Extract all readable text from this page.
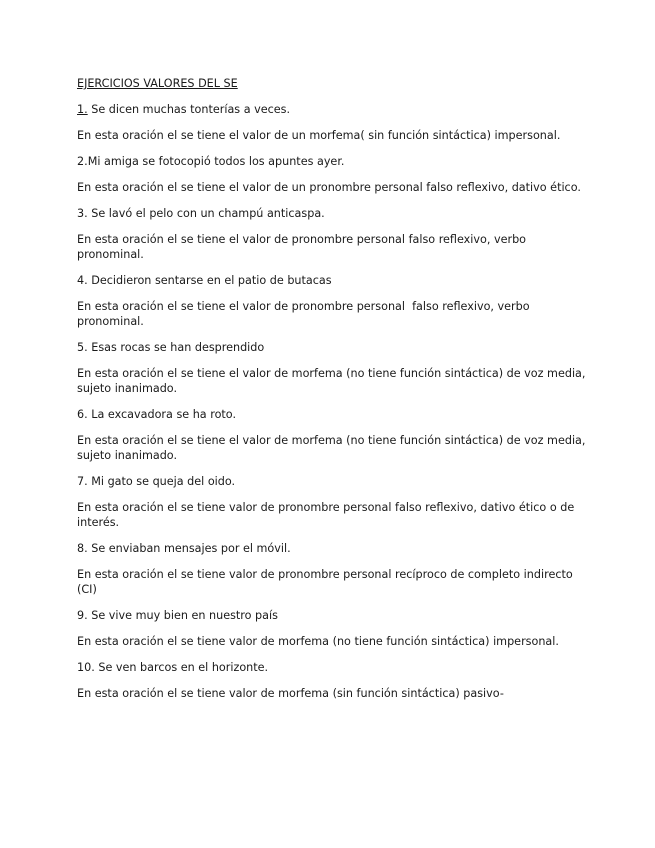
EJERCICIOS VALORES DEL SE
1. Se dicen muchas tonterías a veces.
En esta oración el se tiene el valor de un morfema( sin función sintáctica) impersonal.
2.Mi amiga se fotocopió todos los apuntes ayer.
En esta oración el se tiene el valor de un pronombre personal falso reflexivo, dativo ético.
3. Se lavó el pelo con un champú anticaspa.
En esta oración el se tiene el valor de pronombre personal falso reflexivo, verbo pronominal.
4. Decidieron sentarse en el patio de butacas
En esta oración el se tiene el valor de pronombre personal  falso reflexivo, verbo pronominal.
5. Esas rocas se han desprendido
En esta oración el se tiene el valor de morfema (no tiene función sintáctica) de voz media, sujeto inanimado.
6. La excavadora se ha roto.
En esta oración el se tiene el valor de morfema (no tiene función sintáctica) de voz media, sujeto inanimado.
7. Mi gato se queja del oido.
En esta oración el se tiene valor de pronombre personal falso reflexivo, dativo ético o de interés.
8. Se enviaban mensajes por el móvil.
En esta oración el se tiene valor de pronombre personal recíproco de completo indirecto (CI)
9. Se vive muy bien en nuestro país
En esta oración el se tiene valor de morfema (no tiene función sintáctica) impersonal.
10. Se ven barcos en el horizonte.
En esta oración el se tiene valor de morfema (sin función sintáctica) pasivo-
